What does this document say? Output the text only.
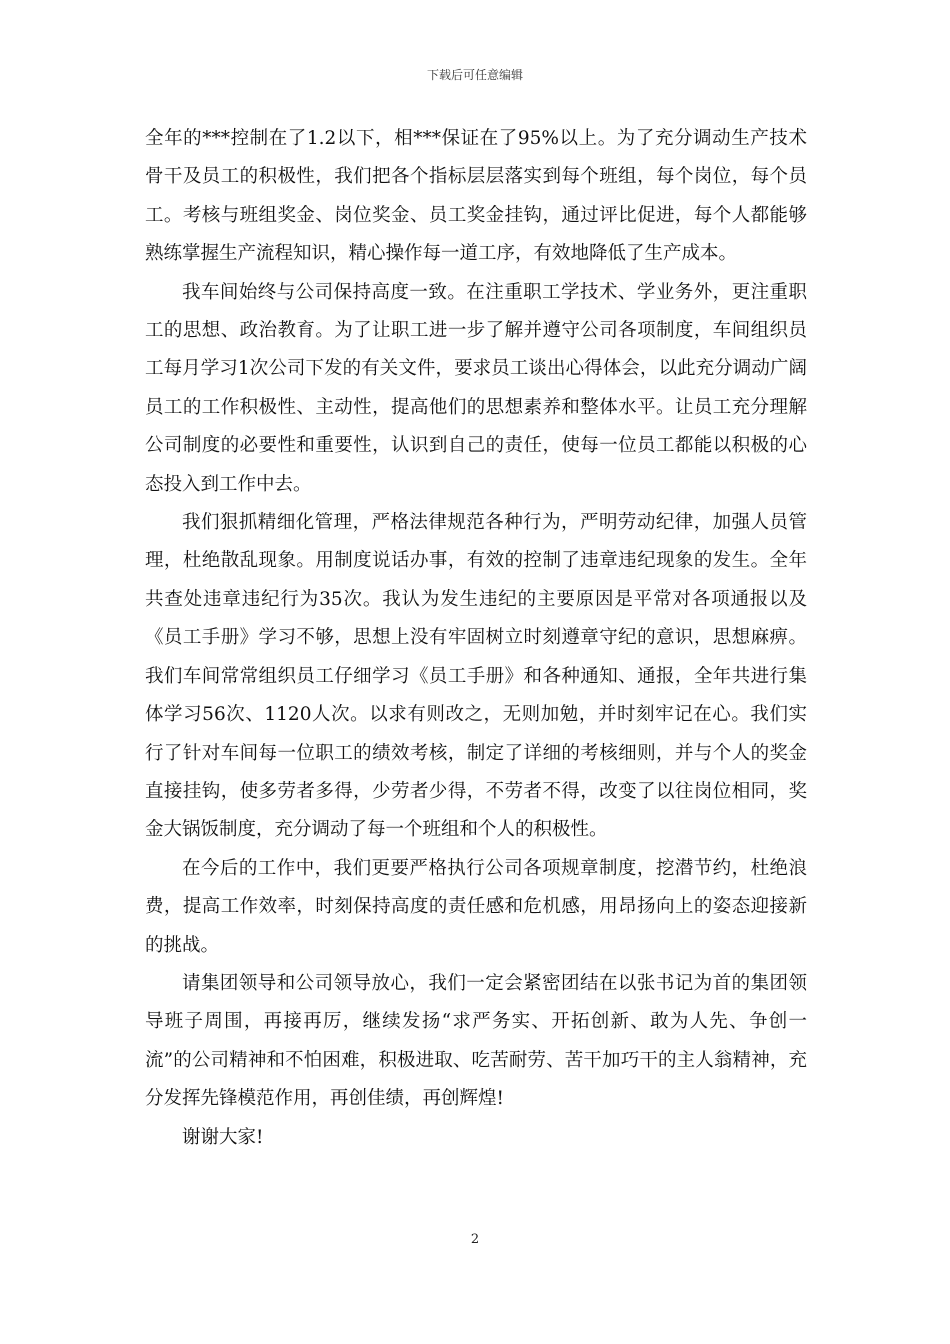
下载后可任意编辑

全年的***控制在了1.2以下，相***保证在了95%以上。为了充分调动生产技术骨干及员工的积极性，我们把各个指标层层落实到每个班组，每个岗位，每个员工。考核与班组奖金、岗位奖金、员工奖金挂钩，通过评比促进，每个人都能够熟练掌握生产流程知识，精心操作每一道工序，有效地降低了生产成本。

我车间始终与公司保持高度一致。在注重职工学技术、学业务外，更注重职工的思想、政治教育。为了让职工进一步了解并遵守公司各项制度，车间组织员工每月学习1次公司下发的有关文件，要求员工谈出心得体会，以此充分调动广阔员工的工作积极性、主动性，提高他们的思想素养和整体水平。让员工充分理解公司制度的必要性和重要性，认识到自己的责任，使每一位员工都能以积极的心态投入到工作中去。

我们狠抓精细化管理，严格法律规范各种行为，严明劳动纪律，加强人员管理，杜绝散乱现象。用制度说话办事，有效的控制了违章违纪现象的发生。全年共查处违章违纪行为35次。我认为发生违纪的主要原因是平常对各项通报以及《员工手册》学习不够，思想上没有牢固树立时刻遵章守纪的意识，思想麻痹。我们车间常常组织员工仔细学习《员工手册》和各种通知、通报，全年共进行集体学习56次、1120人次。以求有则改之，无则加勉，并时刻牢记在心。我们实行了针对车间每一位职工的绩效考核，制定了详细的考核细则，并与个人的奖金直接挂钩，使多劳者多得，少劳者少得，不劳者不得，改变了以往岗位相同，奖金大锅饭制度，充分调动了每一个班组和个人的积极性。

在今后的工作中，我们更要严格执行公司各项规章制度，挖潜节约，杜绝浪费，提高工作效率，时刻保持高度的责任感和危机感，用昂扬向上的姿态迎接新的挑战。

请集团领导和公司领导放心，我们一定会紧密团结在以张书记为首的集团领导班子周围，再接再厉，继续发扬“求严务实、开拓创新、敢为人先、争创一流”的公司精神和不怕困难，积极进取、吃苦耐劳、苦干加巧干的主人翁精神，充分发挥先锋模范作用，再创佳绩，再创辉煌!

谢谢大家!

2
